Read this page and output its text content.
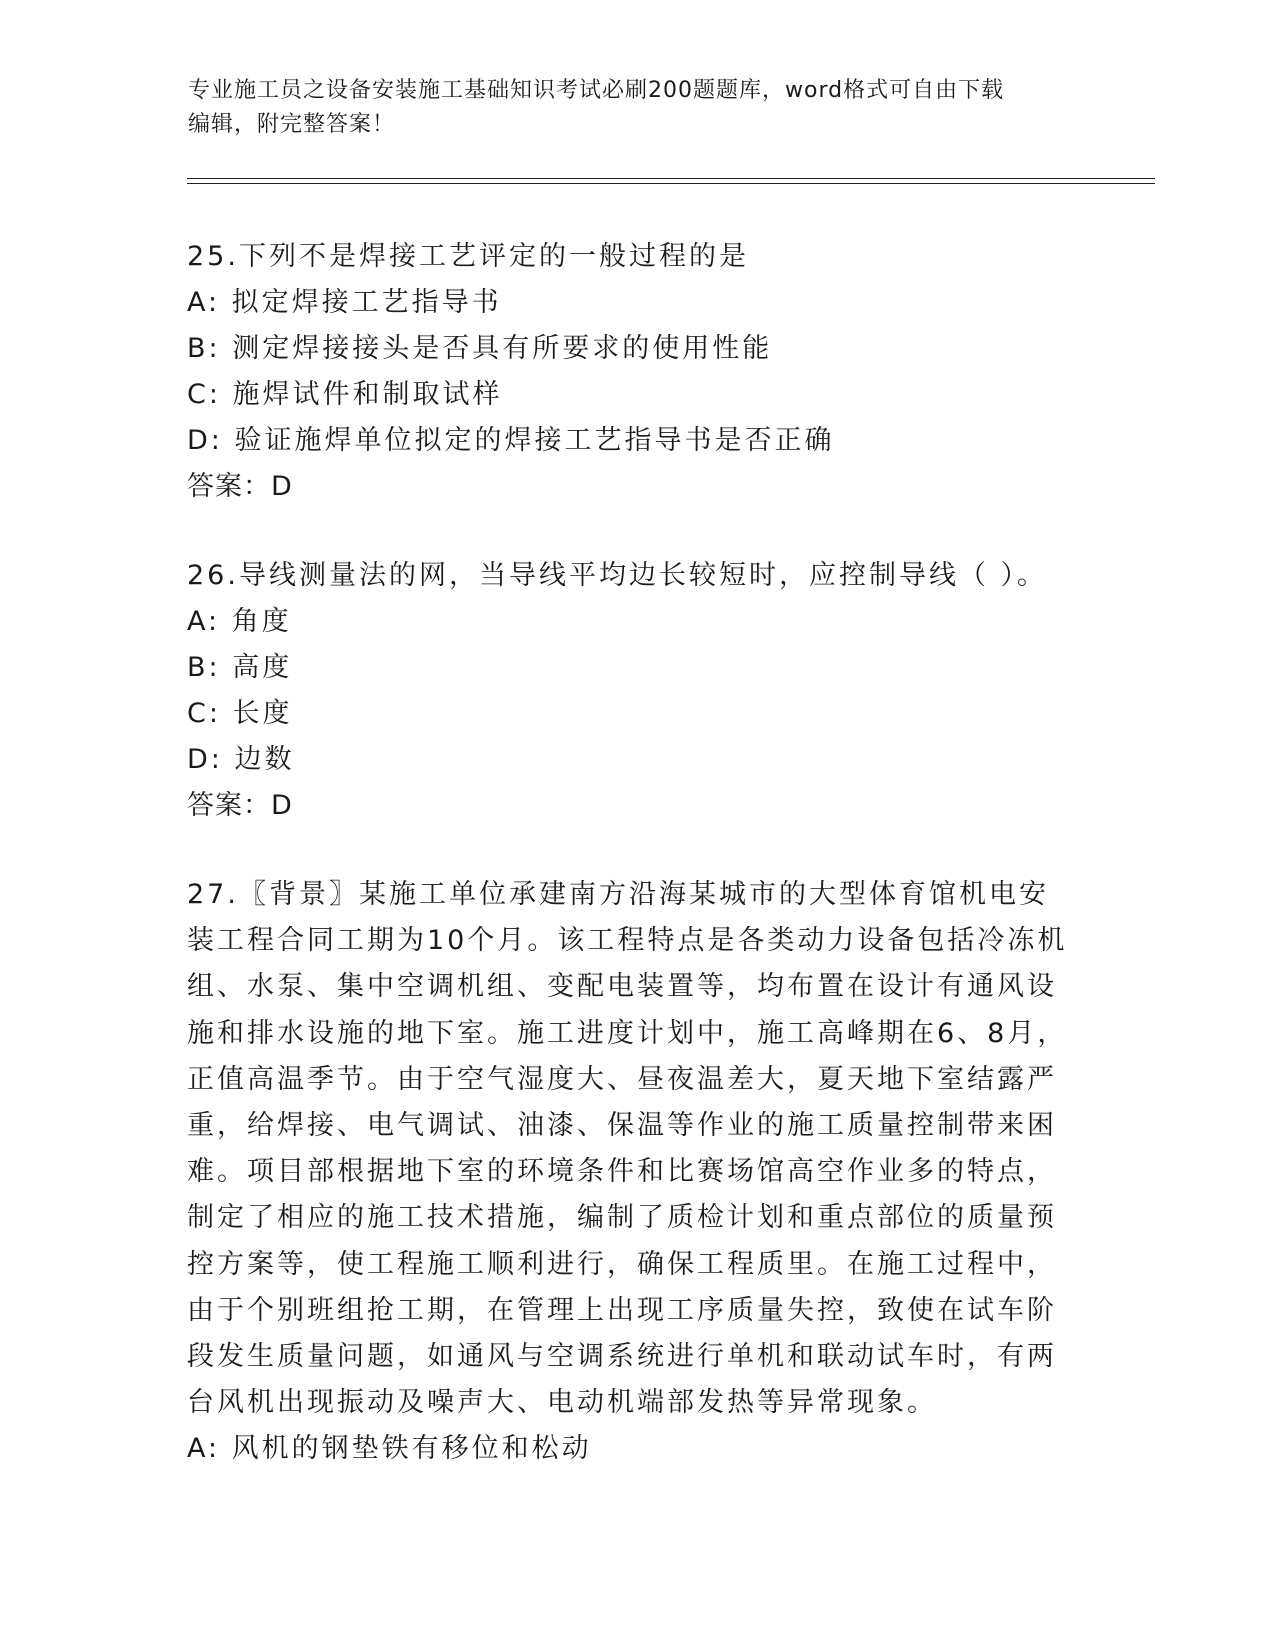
专业施工员之设备安装施工基础知识考试必刷200题题库，word格式可自由下载
编辑，附完整答案！
25.下列不是焊接工艺评定的一般过程的是
A: 拟定焊接工艺指导书
B: 测定焊接接头是否具有所要求的使用性能
C: 施焊试件和制取试样
D: 验证施焊单位拟定的焊接工艺指导书是否正确
答案：D
26.导线测量法的网，当导线平均边长较短时，应控制导线（ ）。
A: 角度
B: 高度
C: 长度
D: 边数
答案：D
27.〖背景〗某施工单位承建南方沿海某城市的大型体育馆机电安装工程合同工期为10个月。该工程特点是各类动力设备包括冷冻机组、水泵、集中空调机组、变配电装置等，均布置在设计有通风设施和排水设施的地下室。施工进度计划中，施工高峰期在6、8月，正值高温季节。由于空气湿度大、昼夜温差大，夏天地下室结露严重，给焊接、电气调试、油漆、保温等作业的施工质量控制带来困难。项目部根据地下室的环境条件和比赛场馆高空作业多的特点，制定了相应的施工技术措施，编制了质检计划和重点部位的质量预控方案等，使工程施工顺利进行，确保工程质里。在施工过程中，由于个别班组抢工期，在管理上出现工序质量失控，致使在试车阶段发生质量问题，如通风与空调系统进行单机和联动试车时，有两台风机出现振动及噪声大、电动机端部发热等异常现象。
A: 风机的钢垫铁有移位和松动
